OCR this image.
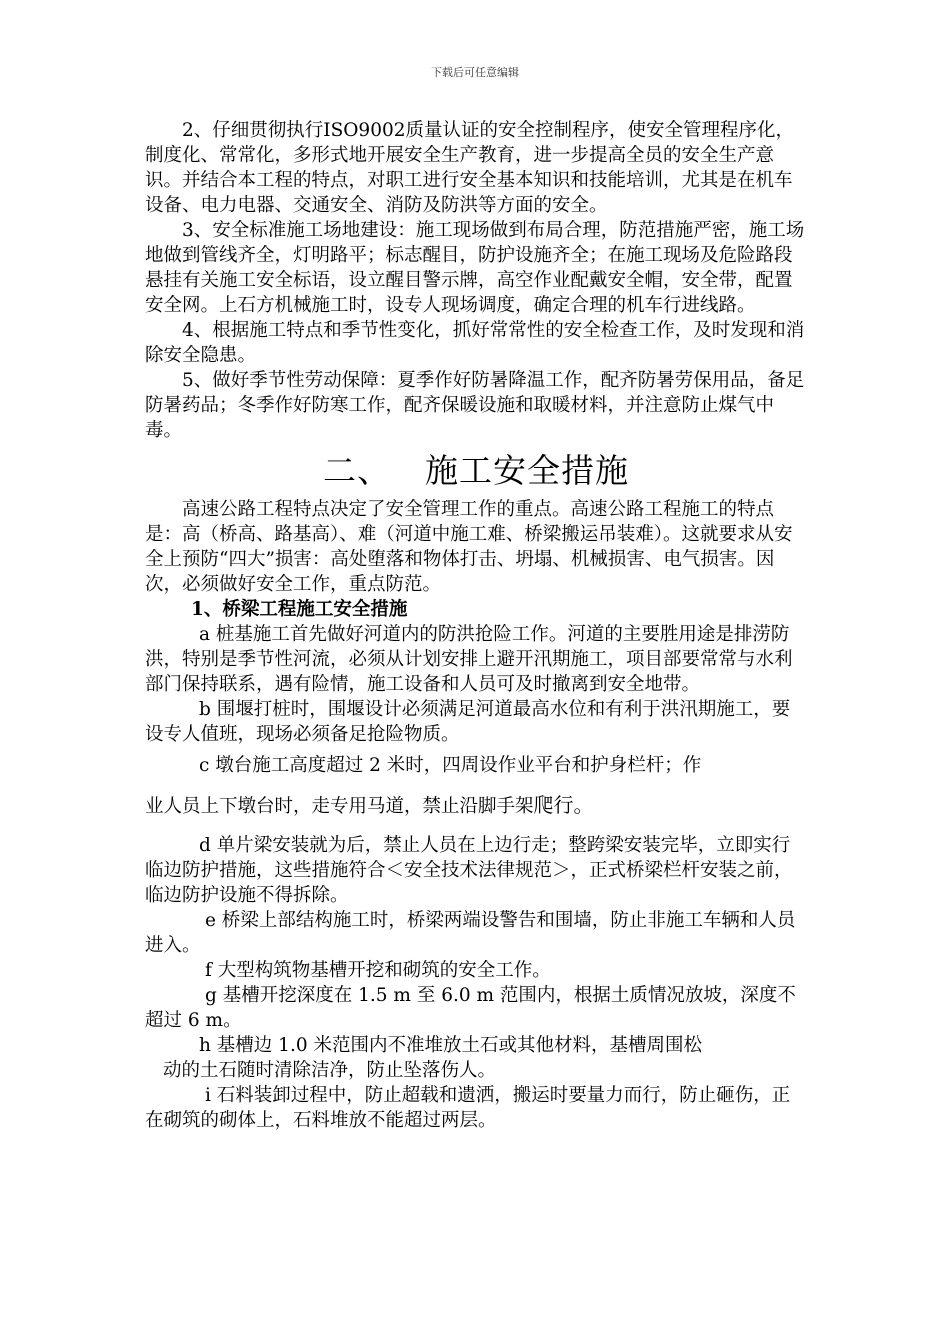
下载后可任意编辑

2、仔细贯彻执行ISO9002质量认证的安全控制程序，使安全管理程序化，制度化、常常化，多形式地开展安全生产教育，进一步提高全员的安全生产意识。并结合本工程的特点，对职工进行安全基本知识和技能培训，尤其是在机车设备、电力电器、交通安全、消防及防洪等方面的安全。

3、安全标准施工场地建设：施工现场做到布局合理，防范措施严密，施工场地做到管线齐全，灯明路平；标志醒目，防护设施齐全；在施工现场及危险路段悬挂有关施工安全标语，设立醒目警示牌，高空作业配戴安全帽，安全带，配置安全网。上石方机械施工时，设专人现场调度，确定合理的机车行进线路。

4、根据施工特点和季节性变化，抓好常常性的安全检查工作，及时发现和消除安全隐患。

5、做好季节性劳动保障：夏季作好防暑降温工作，配齐防暑劳保用品，备足防暑药品；冬季作好防寒工作，配齐保暖设施和取暖材料，并注意防止煤气中毒。

二、 施工安全措施

高速公路工程特点决定了安全管理工作的重点。高速公路工程施工的特点是：高（桥高、路基高）、难（河道中施工难、桥梁搬运吊装难）。这就要求从安全上预防“四大”损害：高处堕落和物体打击、坍塌、机械损害、电气损害。因次，必须做好安全工作，重点防范。

1、桥梁工程施工安全措施

a 桩基施工首先做好河道内的防洪抢险工作。河道的主要胜用途是排涝防洪，特别是季节性河流，必须从计划安排上避开汛期施工，项目部要常常与水利部门保持联系，遇有险情，施工设备和人员可及时撤离到安全地带。

b 围堰打桩时，围堰设计必须满足河道最高水位和有利于洪汛期施工，要设专人值班，现场必须备足抢险物质。

c 墩台施工高度超过 2 米时，四周设作业平台和护身栏杆；作

业人员上下墩台时，走专用马道，禁止沿脚手架爬行。

d 单片梁安装就为后，禁止人员在上边行走；整跨梁安装完毕，立即实行临边防护措施，这些措施符合＜安全技术法律规范＞，正式桥梁栏杆安装之前，临边防护设施不得拆除。

e 桥梁上部结构施工时，桥梁两端设警告和围墙，防止非施工车辆和人员进入。

f 大型构筑物基槽开挖和砌筑的安全工作。

g 基槽开挖深度在 1.5 m 至 6.0 m 范围内，根据土质情况放坡，深度不超过 6 m。

h 基槽边 1.0 米范围内不准堆放土石或其他材料，基槽周围松

动的土石随时清除洁净，防止坠落伤人。

i 石料装卸过程中，防止超载和遗洒，搬运时要量力而行，防止砸伤，正在砌筑的砌体上，石料堆放不能超过两层。
